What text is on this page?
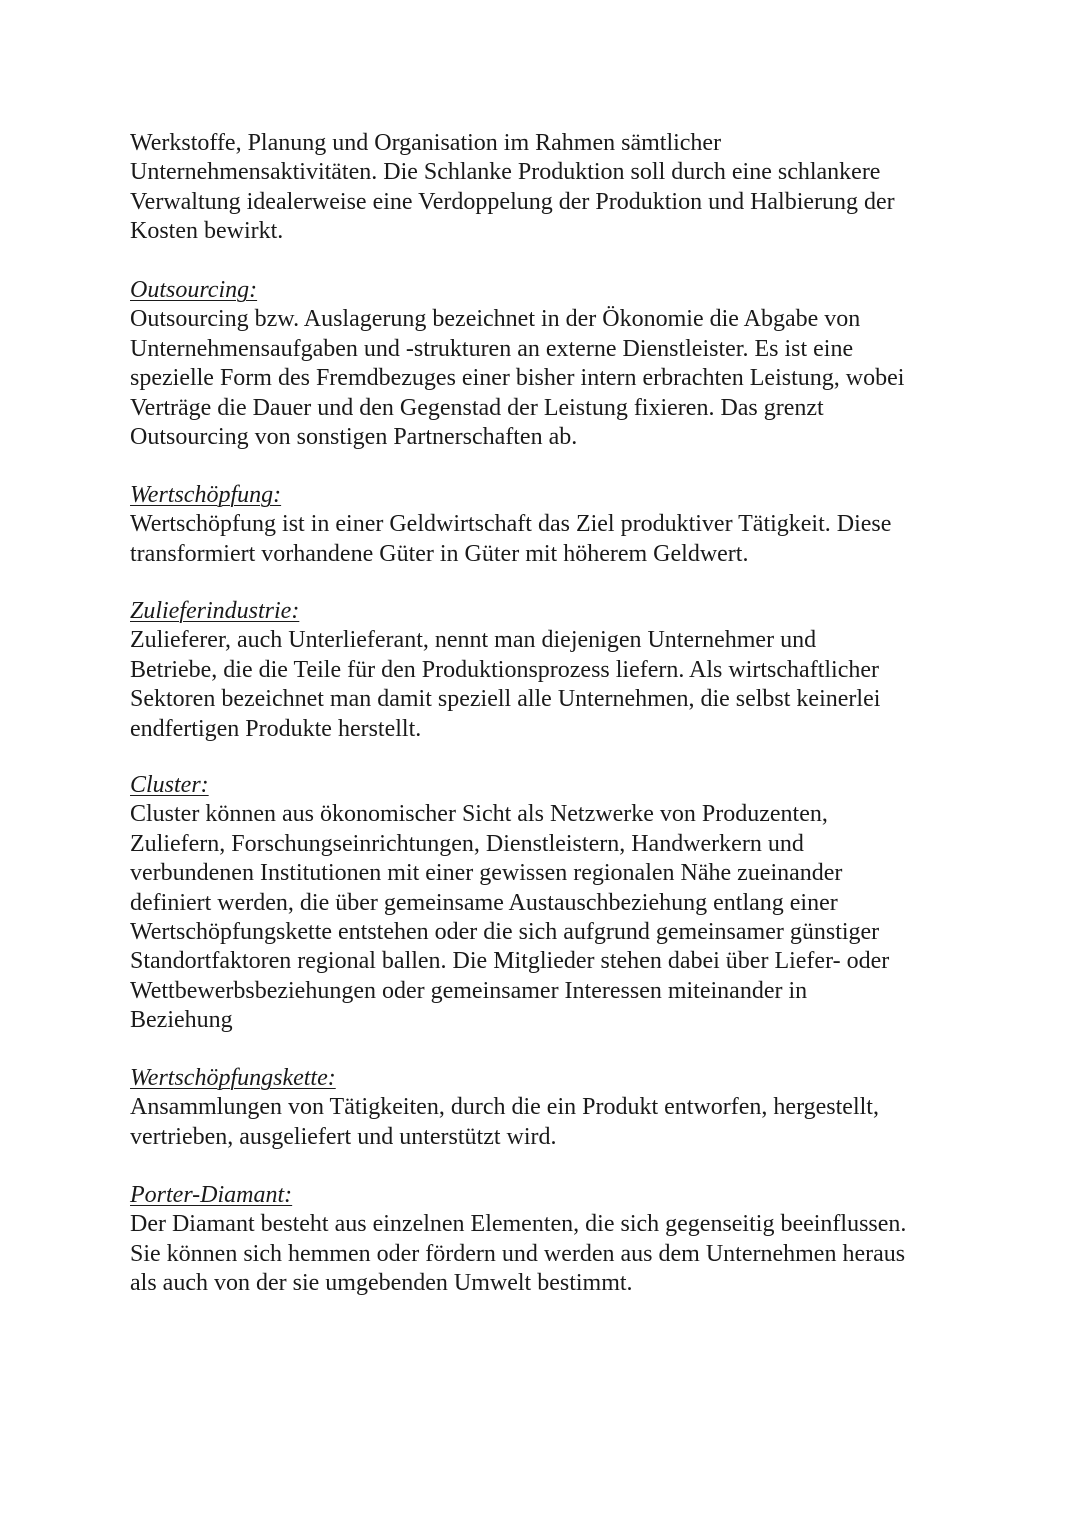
Werkstoffe, Planung und Organisation im Rahmen sämtlicher
Unternehmensaktivitäten. Die Schlanke Produktion soll durch eine schlankere
Verwaltung idealerweise eine Verdoppelung der Produktion und Halbierung der
Kosten bewirkt.

Outsourcing:
Outsourcing bzw. Auslagerung bezeichnet in der Ökonomie die Abgabe von
Unternehmensaufgaben und -strukturen an externe Dienstleister. Es ist eine
spezielle Form des Fremdbezuges einer bisher intern erbrachten Leistung, wobei
Verträge die Dauer und den Gegenstad der Leistung fixieren. Das grenzt
Outsourcing von sonstigen Partnerschaften ab.
Wertschöpfung:
Wertschöpfung ist in einer Geldwirtschaft das Ziel produktiver Tätigkeit. Diese
transformiert vorhandene Güter in Güter mit höherem Geldwert.
Zulieferindustrie:
Zulieferer, auch Unterlieferant, nennt man diejenigen Unternehmer und
Betriebe, die die Teile für den Produktionsprozess liefern. Als wirtschaftlicher
Sektoren bezeichnet man damit speziell alle Unternehmen, die selbst keinerlei
endfertigen Produkte herstellt.
Cluster:
Cluster können aus ökonomischer Sicht als Netzwerke von Produzenten,
Zuliefern, Forschungseinrichtungen, Dienstleistern, Handwerkern und
verbundenen Institutionen mit einer gewissen regionalen Nähe zueinander
definiert werden, die über gemeinsame Austauschbeziehung entlang einer
Wertschöpfungskette entstehen oder die sich aufgrund gemeinsamer günstiger
Standortfaktoren regional ballen. Die Mitglieder stehen dabei über Liefer- oder
Wettbewerbsbeziehungen oder gemeinsamer Interessen miteinander in
Beziehung
Wertschöpfungskette:
Ansammlungen von Tätigkeiten, durch die ein Produkt entworfen, hergestellt,
vertrieben, ausgeliefert und unterstützt wird.
Porter-Diamant:
Der Diamant besteht aus einzelnen Elementen, die sich gegenseitig beeinflussen.
Sie können sich hemmen oder fördern und werden aus dem Unternehmen heraus
als auch von der sie umgebenden Umwelt bestimmt.
